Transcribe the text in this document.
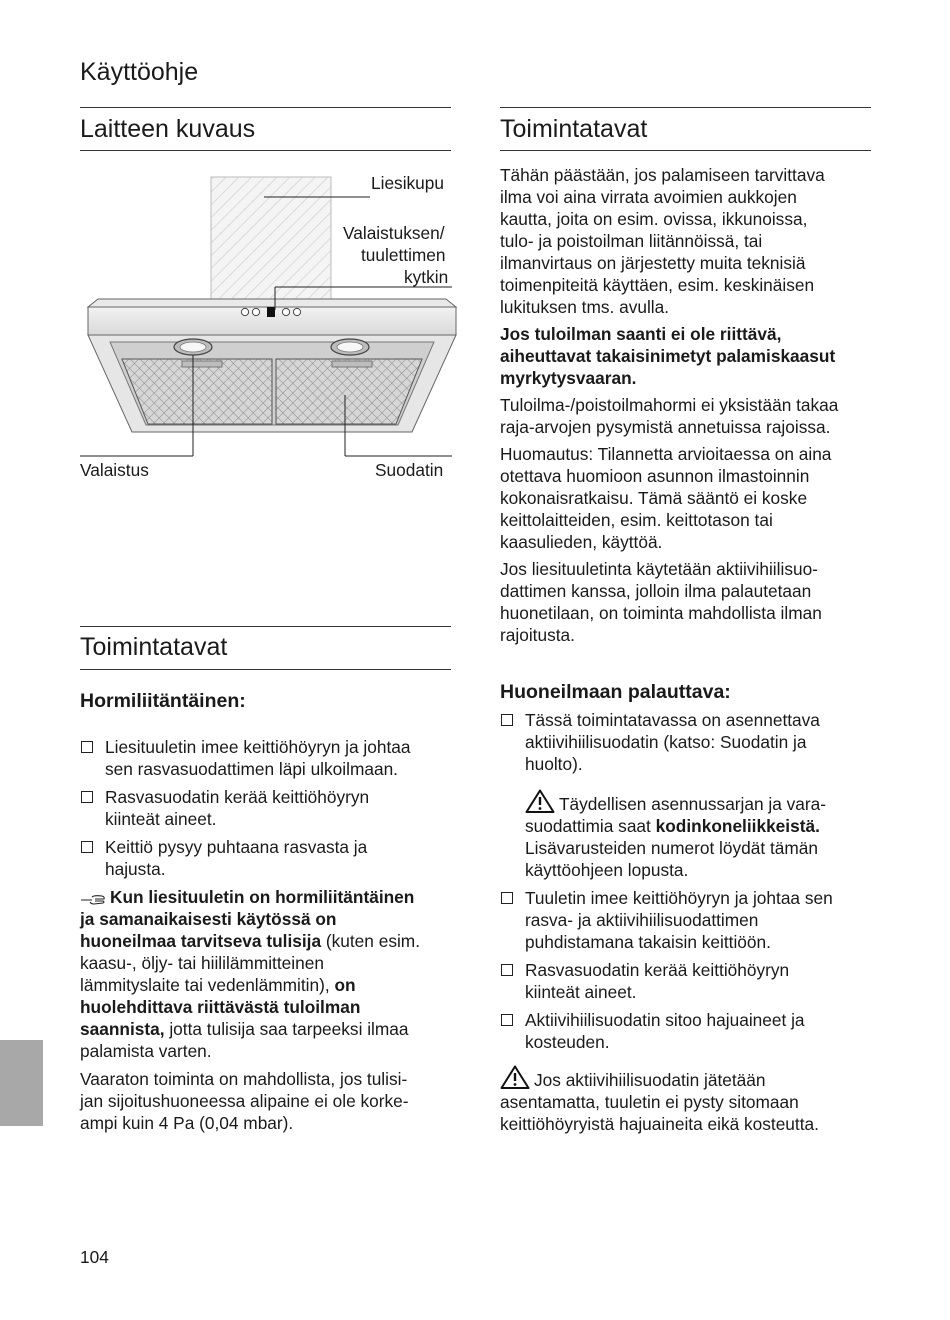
Käyttöohje
Laitteen kuvaus
Liesikupu
Valaistuksen/
tuulettimen
kytkin
Valaistus	Suodatin
Toimintatavat
Hormiliitäntäinen:
Liesituuletin imee keittiöhöyryn ja johtaa
sen rasvasuodattimen läpi ulkoilmaan.
Rasvasuodatin kerää keittiöhöyryn
kiinteät aineet.
Keittiö pysyy puhtaana rasvasta ja
hajusta.

Kun liesituuletin on hormiliitäntäinen
ja samanaikaisesti käytössä on
huoneilmaa tarvitseva tulisija (kuten esim.
kaasu-, öljy- tai hiililämmitteinen
lämmityslaite tai vedenlämmitin), on
huolehdittava riittävästä tuloilman
saannista, jotta tulisija saa tarpeeksi ilmaa
palamista varten.

Vaaraton toiminta on mahdollista, jos tulisi-
jan sijoitushuoneessa alipaine ei ole korke-
ampi kuin 4 Pa (0,04 mbar).

Toimintatavat

Tähän päästään, jos palamiseen tarvittava
ilma voi aina virrata avoimien aukkojen
kautta, joita on esim. ovissa, ikkunoissa,
tulo- ja poistoilman liitännöissä, tai
ilmanvirtaus on järjestetty muita teknisiä
toimenpiteitä käyttäen, esim. keskinäisen
lukituksen tms. avulla.

Jos tuloilman saanti ei ole riittävä,
aiheuttavat takaisinimetyt palamiskaasut
myrkytysvaaran.

Tuloilma-/poistoilmahormi ei yksistään takaa
raja-arvojen pysymistä annetuissa rajoissa.

Huomautus: Tilannetta arvioitaessa on aina
otettava huomioon asunnon ilmastoinnin
kokonaisratkaisu. Tämä sääntö ei koske
keittolaitteiden, esim. keittotason tai
kaasulieden, käyttöä.

Jos liesituuletinta käytetään aktiivihiilisuo-
dattimen kanssa, jolloin ilma palautetaan
huonetilaan, on toiminta mahdollista ilman
rajoitusta.

Huoneilmaan palauttava:
Tässä toimintatavassa on asennettava
aktiivihiilisuodatin (katso: Suodatin ja
huolto).

Täydellisen asennussarjan ja vara-
suodattimia saat kodinkoneliikkeistä.
Lisävarusteiden numerot löydät tämän
käyttöohjeen lopusta.

Tuuletin imee keittiöhöyryn ja johtaa sen
rasva- ja aktiivihiilisuodattimen
puhdistamana takaisin keittiöön.
Rasvasuodatin kerää keittiöhöyryn
kiinteät aineet.
Aktiivihiilisuodatin sitoo hajuaineet ja
kosteuden.

Jos aktiivihiilisuodatin jätetään
asentamatta, tuuletin ei pysty sitomaan
keittiöhöyryistä hajuaineita eikä kosteutta.

104
